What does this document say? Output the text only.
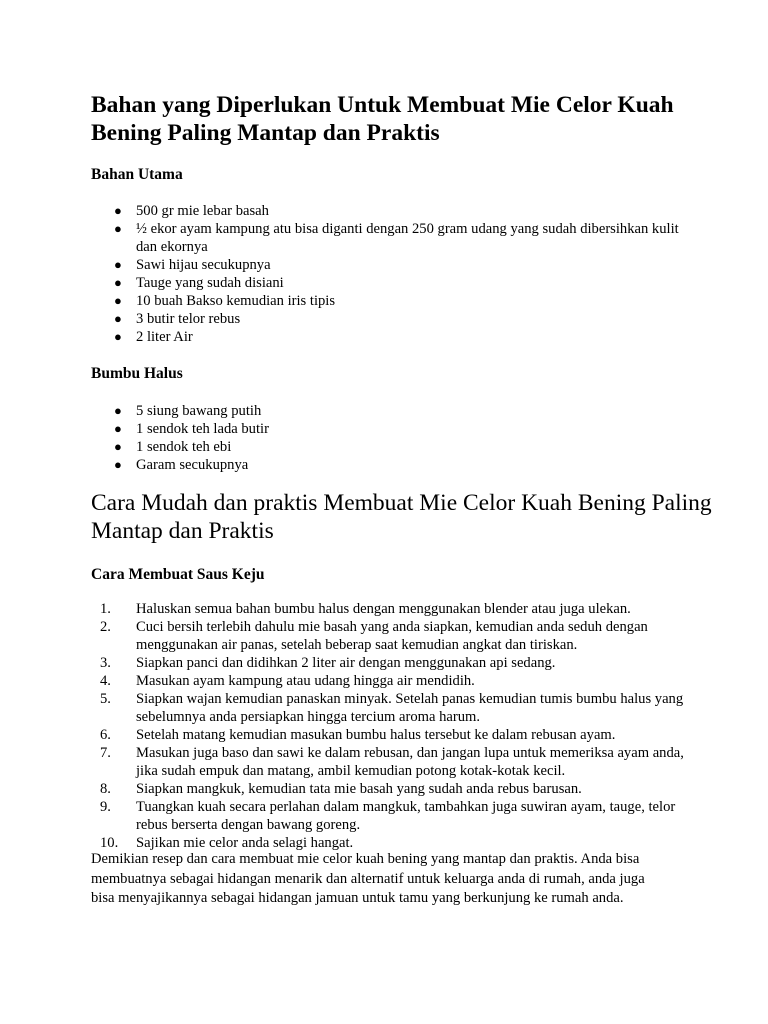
Bahan yang Diperlukan Untuk Membuat Mie Celor Kuah Bening Paling Mantap dan Praktis
Bahan Utama
● 500 gr mie lebar basah
● ½ ekor ayam kampung atu bisa diganti dengan 250 gram udang yang sudah dibersihkan kulit dan ekornya
● Sawi hijau secukupnya
● Tauge yang sudah disiani
● 10 buah Bakso kemudian iris tipis
● 3 butir telor rebus
● 2 liter Air
Bumbu Halus
● 5 siung bawang putih
● 1 sendok teh lada butir
● 1 sendok teh ebi
● Garam secukupnya
Cara Mudah dan praktis Membuat Mie Celor Kuah Bening Paling Mantap dan Praktis
Cara Membuat Saus Keju
1.	Haluskan semua bahan bumbu halus dengan menggunakan blender atau juga ulekan.
2.	Cuci bersih terlebih dahulu mie basah yang anda siapkan, kemudian anda seduh dengan menggunakan air panas, setelah beberap saat kemudian angkat dan tiriskan.
3.	Siapkan panci dan didihkan 2 liter air dengan menggunakan api sedang.
4.	Masukan ayam kampung atau udang hingga air mendidih.
5.	Siapkan wajan kemudian panaskan minyak. Setelah panas kemudian tumis bumbu halus yang sebelumnya anda persiapkan hingga tercium aroma harum.
6.	Setelah matang kemudian masukan bumbu halus tersebut ke dalam rebusan ayam.
7.	Masukan juga baso dan sawi ke dalam rebusan, dan jangan lupa untuk memeriksa ayam anda, jika sudah empuk dan matang, ambil kemudian potong kotak-kotak kecil.
8.	Siapkan mangkuk, kemudian tata mie basah yang sudah anda rebus barusan.
9.	Tuangkan kuah secara perlahan dalam mangkuk, tambahkan juga suwiran ayam, tauge, telor rebus berserta dengan bawang goreng.
10.	Sajikan mie celor anda selagi hangat.

Demikian resep dan cara membuat mie celor kuah bening yang mantap dan praktis. Anda bisa membuatnya sebagai hidangan menarik dan alternatif untuk keluarga anda di rumah, anda juga bisa menyajikannya sebagai hidangan jamuan untuk tamu yang berkunjung ke rumah anda.
